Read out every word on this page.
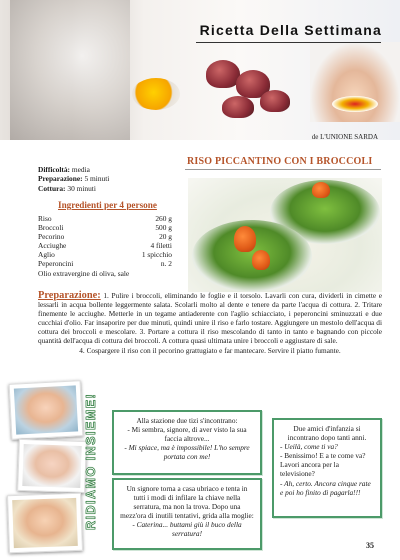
Ricetta Della Settimana
de L'UNIONE SARDA
Difficoltà: media
Preparazione: 5 minuti
Cottura: 30 minuti
Ingredienti per 4 persone
Riso	260 g
Broccoli	500 g
Pecorino	20 g
Acciughe	4 filetti
Aglio	1 spicchio
Peperoncini	n. 2
Olio extravergine di oliva, sale
RISO PICCANTINO CON I BROCCOLI
Preparazione: 1. Pulire i broccoli, eliminando le foglie e il torsolo. Lavarli con cura, dividerli in cimette e lessarli in acqua bollente leggermente salata. Scolarli molto al dente e tenere da parte l'acqua di cottura. 2. Tritare finemente le acciughe. Metterle in un tegame antiaderente con l'aglio schiacciato, i peperoncini sminuzzati e due cucchiai d'olio. Far insaporire per due minuti, quindi unire il riso e farlo tostare. Aggiungere un mestolo dell'acqua di cottura dei broccoli e mescolare. 3. Portare a cottura il riso mescolando di tanto in tanto e bagnando con piccole quantità dell'acqua di cottura dei broccoli. A cottura quasi ultimata unire i broccoli e aggiustare di sale.
4. Cospargere il riso con il pecorino grattugiato e far mantecare. Servire il piatto fumante.
RIDIAMO INSIEME!	Alla stazione due tizi s'incontrano:

- Mi sembra, signore, di aver visto la sua faccia altrove...

- Mi spiace, ma è impossibile! L'ho sempre portata con me!

Un signore torna a casa ubriaco e tenta in tutti i modi di infilare la chiave nella serratura, ma non la trova. Dopo una mezz'ora di inutili tentativi, grida alla moglie:

- Caterina... buttami giù il buco della serratura!

Due amici d'infanzia si incontrano dopo tanti anni.

- Ueilà, come ti va?

- Benissimo! E a te come va? Lavori ancora per la televisione?

- Ah, certo. Ancora cinque rate e poi ho finito di pagarla!!!

35
